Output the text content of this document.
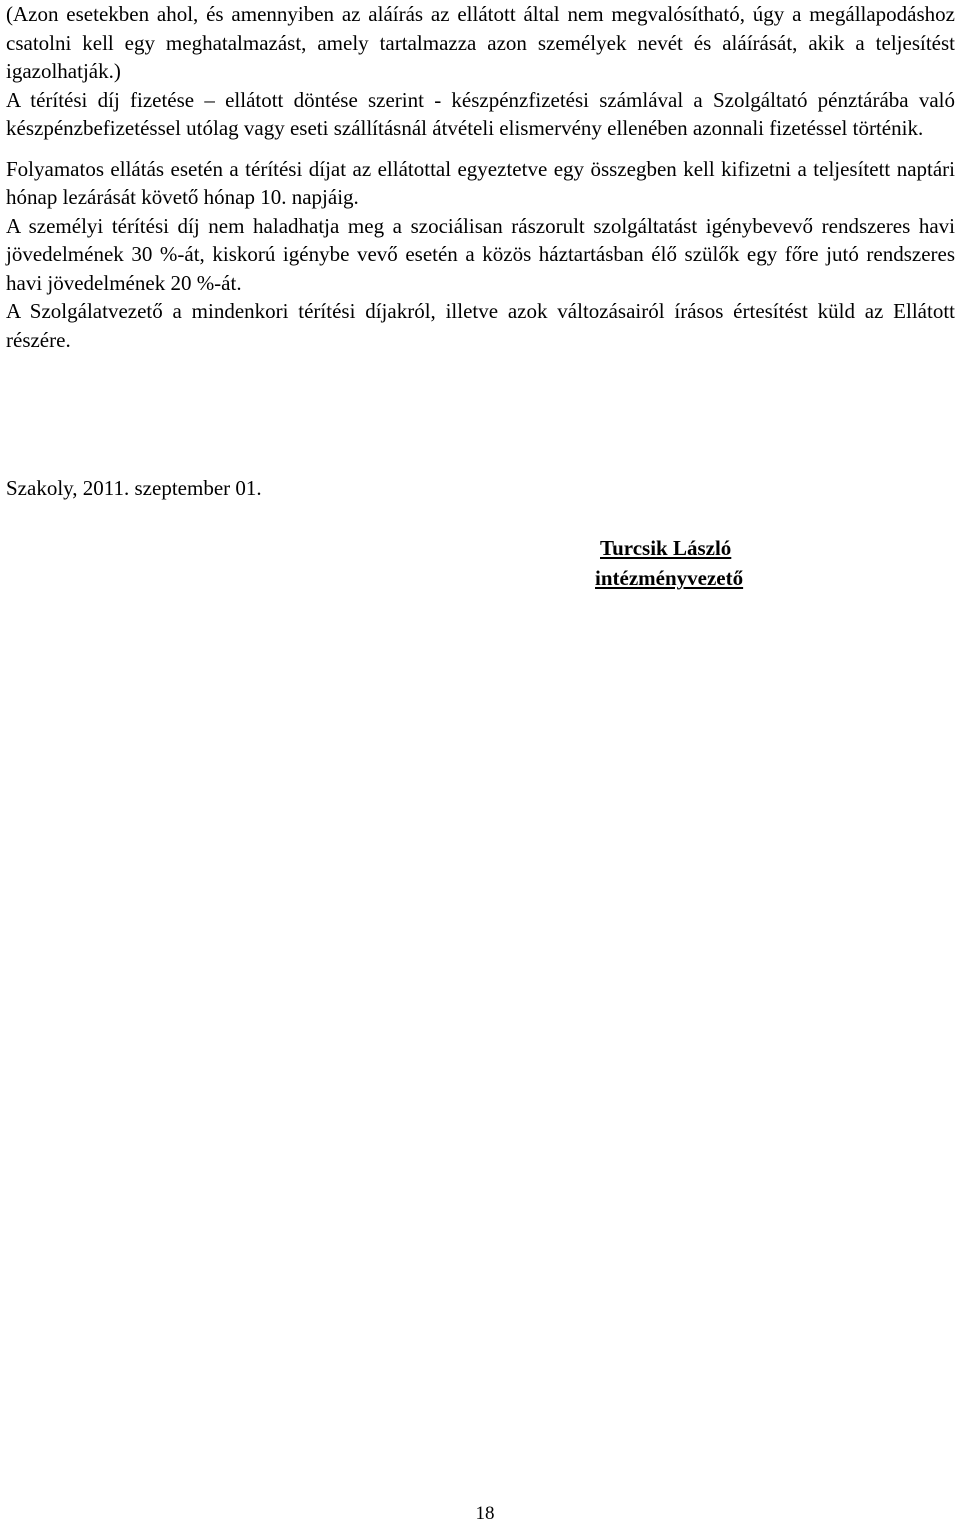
(Azon esetekben ahol, és amennyiben az aláírás az ellátott által nem megvalósítható, úgy a megállapodáshoz csatolni kell egy meghatalmazást, amely tartalmazza azon személyek nevét és aláírását, akik a teljesítést igazolhatják.)

A térítési díj fizetése – ellátott döntése szerint - készpénzfizetési számlával a Szolgáltató pénztárába való készpénzbefizetéssel utólag vagy eseti szállításnál átvételi elismervény ellenében azonnali fizetéssel történik.

Folyamatos ellátás esetén a térítési díjat az ellátottal egyeztetve egy összegben kell kifizetni a teljesített naptári hónap lezárását követő hónap 10. napjáig.

A személyi térítési díj nem haladhatja meg a szociálisan rászorult szolgáltatást igénybevevő rendszeres havi jövedelmének 30 %-át, kiskorú igénybe vevő esetén a közös háztartásban élő szülők egy főre jutó rendszeres havi jövedelmének 20 %-át.

A Szolgálatvezető a mindenkori térítési díjakról, illetve azok változásairól írásos értesítést küld az Ellátott részére.

Szakoly, 2011. szeptember 01.
Turcsik László
intézményvezető
18
